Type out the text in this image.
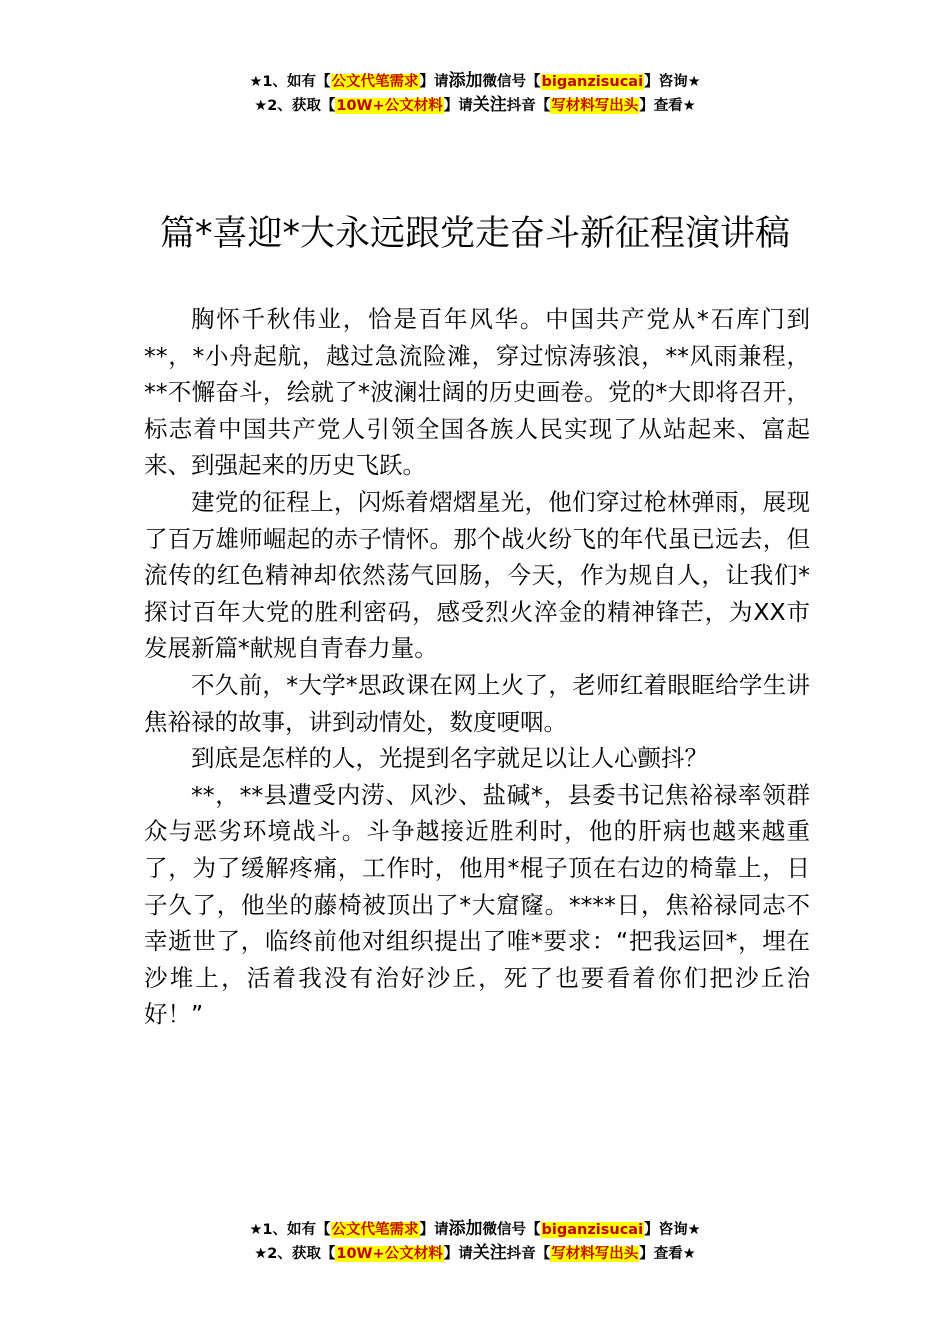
★1、如有【公文代笔需求】请添加微信号【biganzisucai】咨询★
★2、获取【10W+公文材料】请关注抖音【写材料写出头】查看★
篇*喜迎*大永远跟党走奋斗新征程演讲稿

胸怀千秋伟业，恰是百年风华。中国共产党从*石库门到**，*小舟起航，越过急流险滩，穿过惊涛骇浪，**风雨兼程，**不懈奋斗，绘就了*波澜壮阔的历史画卷。党的*大即将召开，标志着中国共产党人引领全国各族人民实现了从站起来、富起来、到强起来的历史飞跃。

建党的征程上，闪烁着熠熠星光，他们穿过枪林弹雨，展现了百万雄师崛起的赤子情怀。那个战火纷飞的年代虽已远去，但流传的红色精神却依然荡气回肠，今天，作为规自人，让我们*探讨百年大党的胜利密码，感受烈火淬金的精神锋芒，为XX市发展新篇*献规自青春力量。

不久前，*大学*思政课在网上火了，老师红着眼眶给学生讲焦裕禄的故事，讲到动情处，数度哽咽。

到底是怎样的人，光提到名字就足以让人心颤抖？

**，**县遭受内涝、风沙、盐碱*，县委书记焦裕禄率领群众与恶劣环境战斗。斗争越接近胜利时，他的肝病也越来越重了，为了缓解疼痛，工作时，他用*棍子顶在右边的椅靠上，日子久了，他坐的藤椅被顶出了*大窟窿。****日，焦裕禄同志不幸逝世了，临终前他对组织提出了唯*要求：“把我运回*，埋在沙堆上，活着我没有治好沙丘，死了也要看着你们把沙丘治好！”

★1、如有【公文代笔需求】请添加微信号【biganzisucai】咨询★
★2、获取【10W+公文材料】请关注抖音【写材料写出头】查看★
